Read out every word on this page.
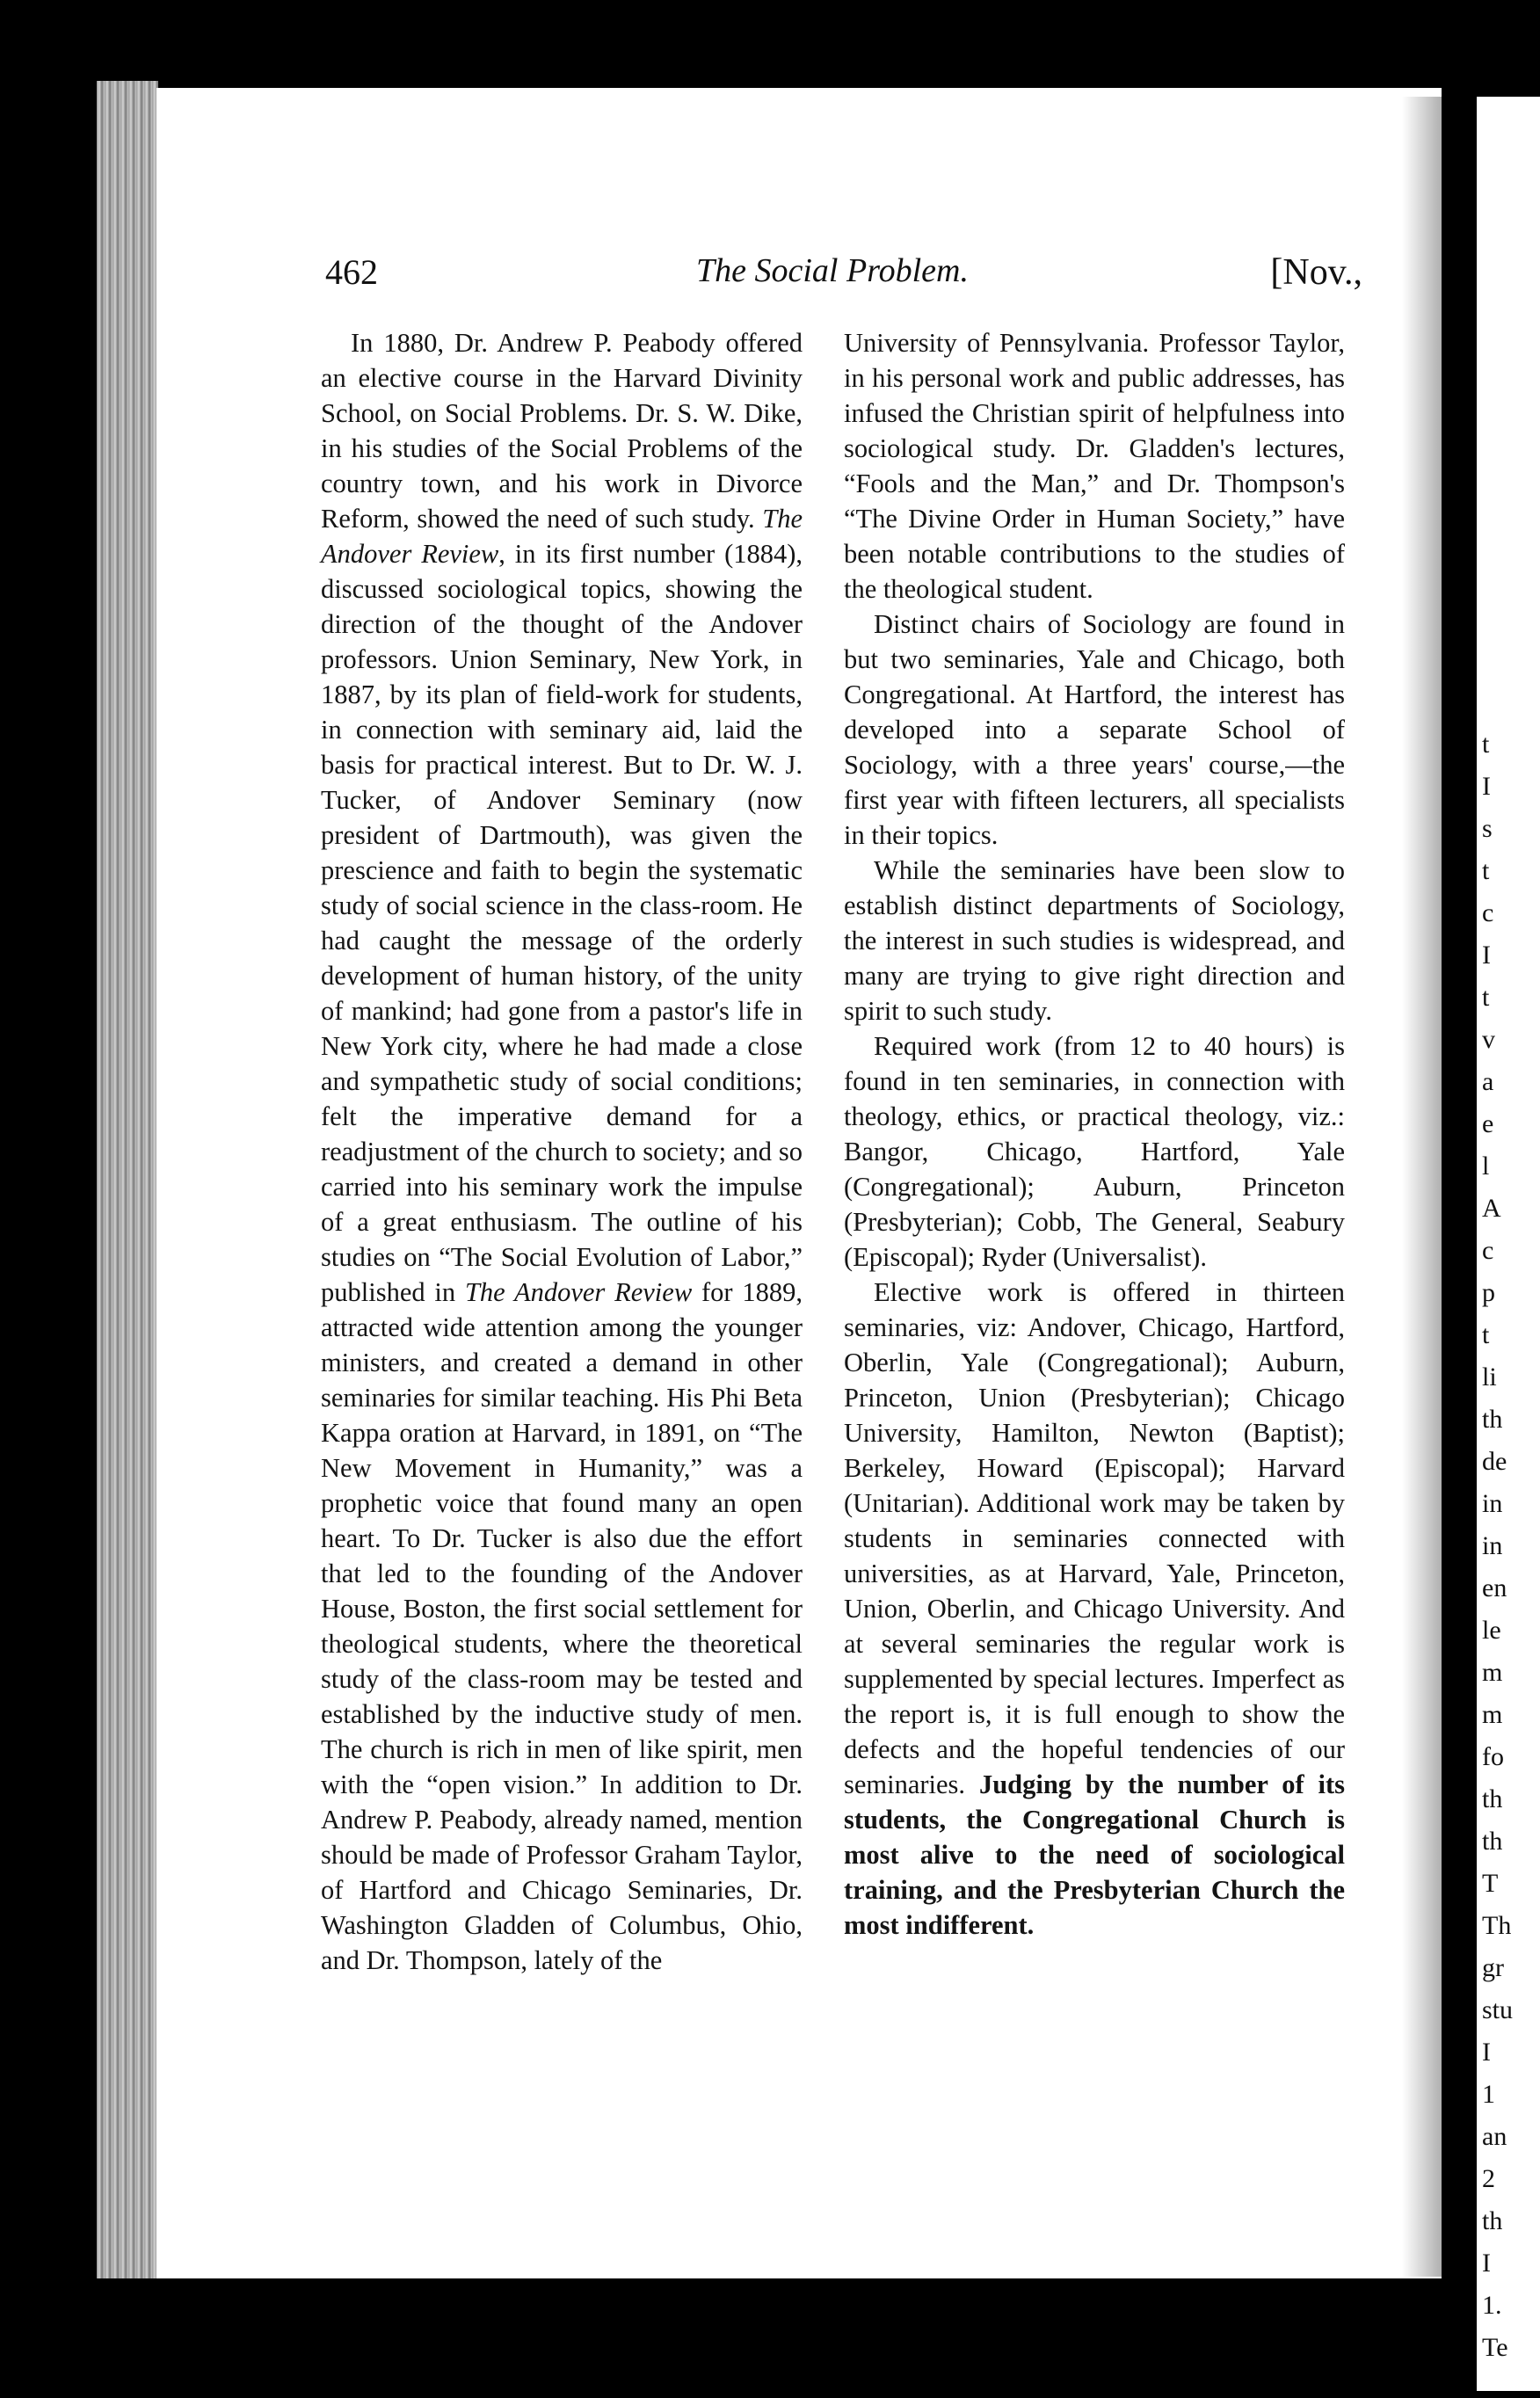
t
I
s
t
c
I
t
v
a
e
l
A
c
p
t
li
th
de
in
in
en
le
m
m
fo
th
th
T
Th
gr
stu
I
1
an
2
th
I
1.
Te
462	The Social Problem.	[Nov.,

In 1880, Dr. Andrew P. Peabody offered an elective course in the Harvard Divinity School, on Social Problems. Dr. S. W. Dike, in his studies of the Social Problems of the country town, and his work in Divorce Reform, showed the need of such study. The Andover Review, in its first number (1884), discussed sociological topics, showing the direction of the thought of the Andover professors. Union Seminary, New York, in 1887, by its plan of field-work for students, in connection with seminary aid, laid the basis for practical interest. But to Dr. W. J. Tucker, of Andover Seminary (now president of Dartmouth), was given the prescience and faith to begin the systematic study of social science in the class-room. He had caught the message of the orderly development of human history, of the unity of mankind; had gone from a pastor's life in New York city, where he had made a close and sympathetic study of social conditions; felt the imperative demand for a readjustment of the church to society; and so carried into his seminary work the impulse of a great enthusiasm. The outline of his studies on “The Social Evolution of Labor,” published in The Andover Review for 1889, attracted wide attention among the younger ministers, and created a demand in other seminaries for similar teaching. His Phi Beta Kappa oration at Harvard, in 1891, on “The New Movement in Humanity,” was a prophetic voice that found many an open heart. To Dr. Tucker is also due the effort that led to the founding of the Andover House, Boston, the first social settlement for theological students, where the theoretical study of the class-room may be tested and established by the inductive study of men. The church is rich in men of like spirit, men with the “open vision.” In addition to Dr. Andrew P. Peabody, already named, mention should be made of Professor Graham Taylor, of Hartford and Chicago Seminaries, Dr. Washington Gladden of Columbus, Ohio, and Dr. Thompson, lately of the

University of Pennsylvania. Professor Taylor, in his personal work and public addresses, has infused the Christian spirit of helpfulness into sociological study. Dr. Gladden's lectures, “Fools and the Man,” and Dr. Thompson's “The Divine Order in Human Society,” have been notable contributions to the studies of the theological student.

Distinct chairs of Sociology are found in but two seminaries, Yale and Chicago, both Congregational. At Hartford, the interest has developed into a separate School of Sociology, with a three years' course,—the first year with fifteen lecturers, all specialists in their topics.

While the seminaries have been slow to establish distinct departments of Sociology, the interest in such studies is widespread, and many are trying to give right direction and spirit to such study.

Required work (from 12 to 40 hours) is found in ten seminaries, in connection with theology, ethics, or practical theology, viz.: Bangor, Chicago, Hartford, Yale (Congregational); Auburn, Princeton (Presbyterian); Cobb, The General, Seabury (Episcopal); Ryder (Universalist).

Elective work is offered in thirteen seminaries, viz: Andover, Chicago, Hartford, Oberlin, Yale (Congregational); Auburn, Princeton, Union (Presbyterian); Chicago University, Hamilton, Newton (Baptist); Berkeley, Howard (Episcopal); Harvard (Unitarian). Additional work may be taken by students in seminaries connected with universities, as at Harvard, Yale, Princeton, Union, Oberlin, and Chicago University. And at several seminaries the regular work is supplemented by special lectures. Imperfect as the report is, it is full enough to show the defects and the hopeful tendencies of our seminaries. Judging by the number of its students, the Congregational Church is most alive to the need of sociological training, and the Presbyterian Church the most indifferent.
